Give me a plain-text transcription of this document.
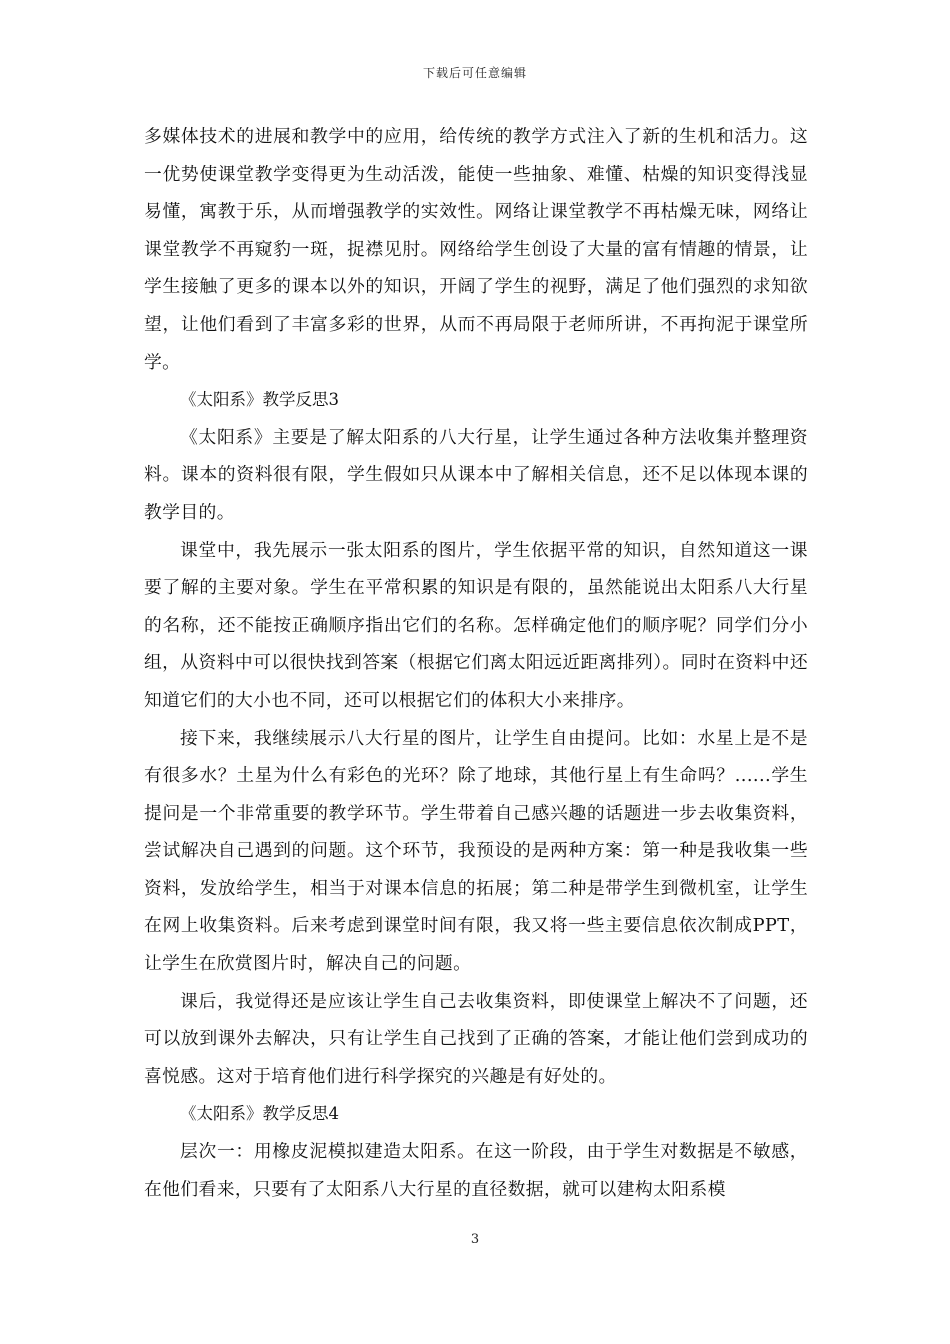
下载后可任意编辑

多媒体技术的进展和教学中的应用，给传统的教学方式注入了新的生机和活力。这一优势使课堂教学变得更为生动活泼，能使一些抽象、难懂、枯燥的知识变得浅显易懂，寓教于乐，从而增强教学的实效性。网络让课堂教学不再枯燥无味，网络让课堂教学不再窥豹一斑，捉襟见肘。网络给学生创设了大量的富有情趣的情景，让学生接触了更多的课本以外的知识，开阔了学生的视野，满足了他们强烈的求知欲望，让他们看到了丰富多彩的世界，从而不再局限于老师所讲，不再拘泥于课堂所学。

《太阳系》教学反思3

《太阳系》主要是了解太阳系的八大行星，让学生通过各种方法收集并整理资料。课本的资料很有限，学生假如只从课本中了解相关信息，还不足以体现本课的教学目的。

课堂中，我先展示一张太阳系的图片，学生依据平常的知识，自然知道这一课要了解的主要对象。学生在平常积累的知识是有限的，虽然能说出太阳系八大行星的名称，还不能按正确顺序指出它们的名称。怎样确定他们的顺序呢？同学们分小组，从资料中可以很快找到答案（根据它们离太阳远近距离排列）。同时在资料中还知道它们的大小也不同，还可以根据它们的体积大小来排序。

接下来，我继续展示八大行星的图片，让学生自由提问。比如：水星上是不是有很多水？土星为什么有彩色的光环？除了地球，其他行星上有生命吗？......学生提问是一个非常重要的教学环节。学生带着自己感兴趣的话题进一步去收集资料，尝试解决自己遇到的问题。这个环节，我预设的是两种方案：第一种是我收集一些资料，发放给学生，相当于对课本信息的拓展；第二种是带学生到微机室，让学生在网上收集资料。后来考虑到课堂时间有限，我又将一些主要信息依次制成PPT，让学生在欣赏图片时，解决自己的问题。

课后，我觉得还是应该让学生自己去收集资料，即使课堂上解决不了问题，还可以放到课外去解决，只有让学生自己找到了正确的答案，才能让他们尝到成功的喜悦感。这对于培育他们进行科学探究的兴趣是有好处的。

《太阳系》教学反思4

层次一：用橡皮泥模拟建造太阳系。在这一阶段，由于学生对数据是不敏感，在他们看来，只要有了太阳系八大行星的直径数据，就可以建构太阳系模

3
